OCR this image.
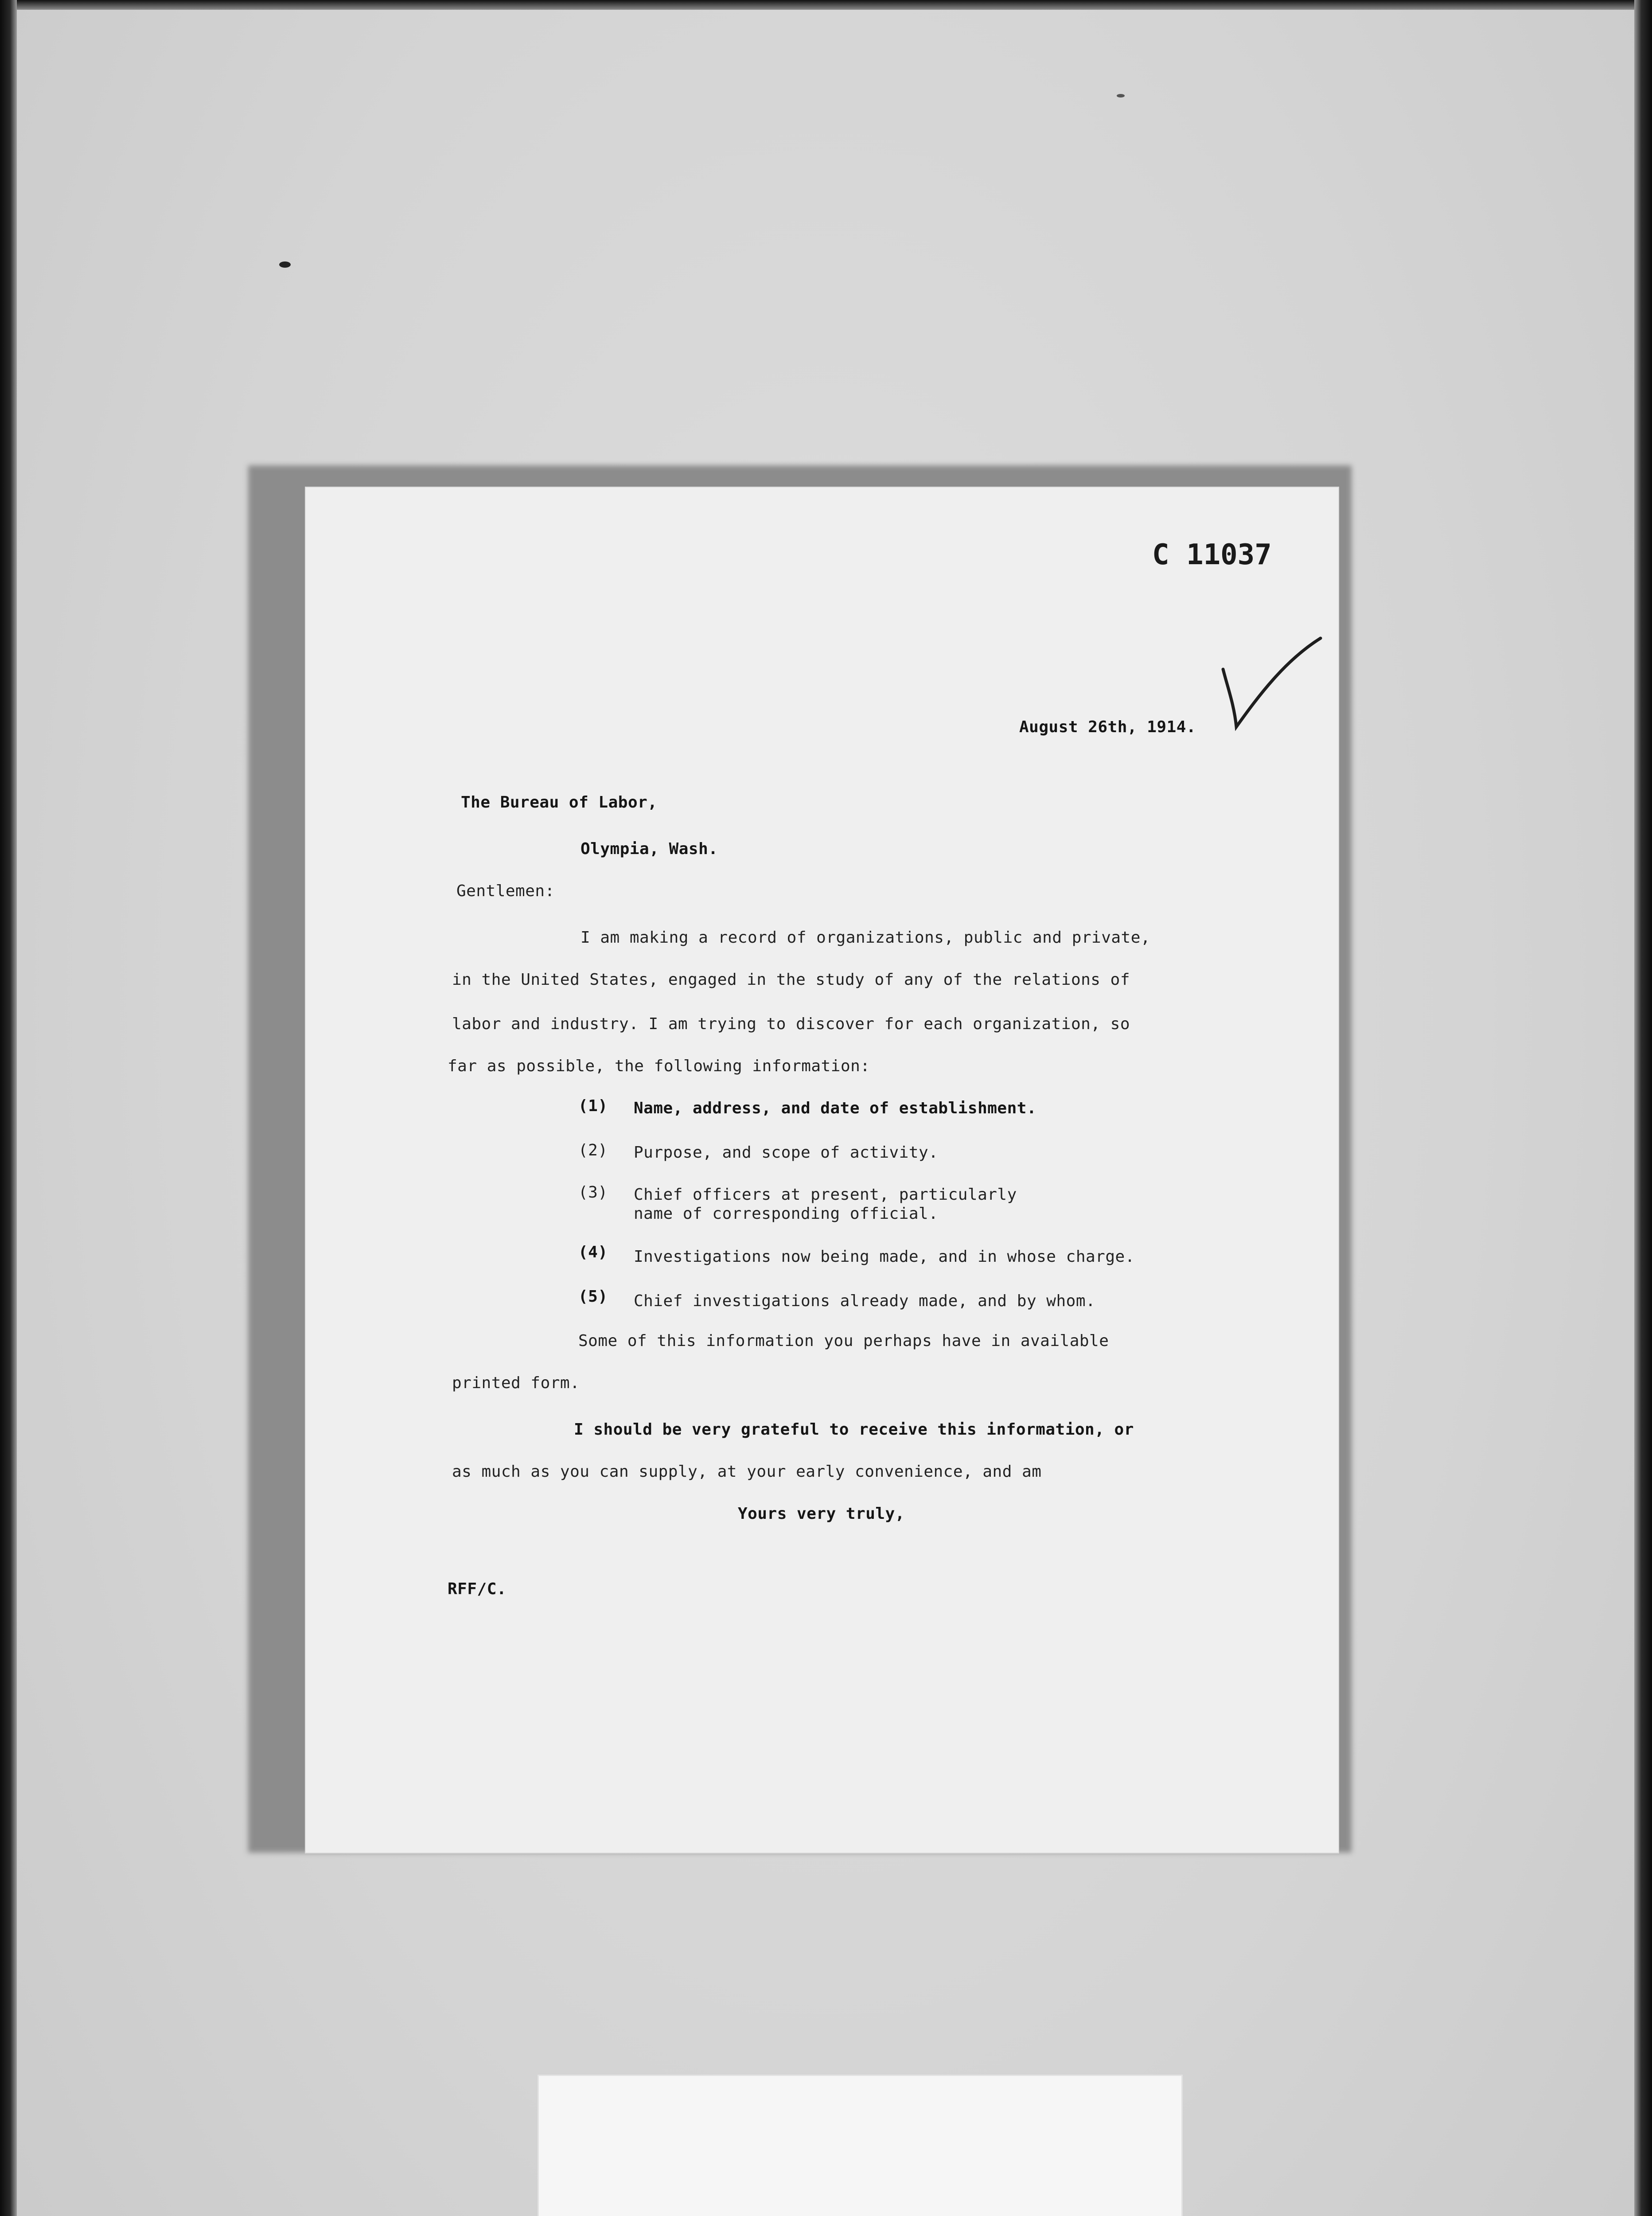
C 11037
August 26th, 1914.
The Bureau of Labor,
Olympia, Wash.
Gentlemen:
I am making a record of organizations, public and private,
in the United States, engaged in the study of any of the relations of
labor and industry. I am trying to discover for each organization, so
far as possible, the following information:
(1) Name, address, and date of establishment.
(2) Purpose, and scope of activity.
(3) Chief officers at present, particularly
name of corresponding official.
(4) Investigations now being made, and in whose charge.
(5) Chief investigations already made, and by whom.
Some of this information you perhaps have in available
printed form.
I should be very grateful to receive this information, or
as much as you can supply, at your early convenience, and am
Yours very truly,
RFF/C.
